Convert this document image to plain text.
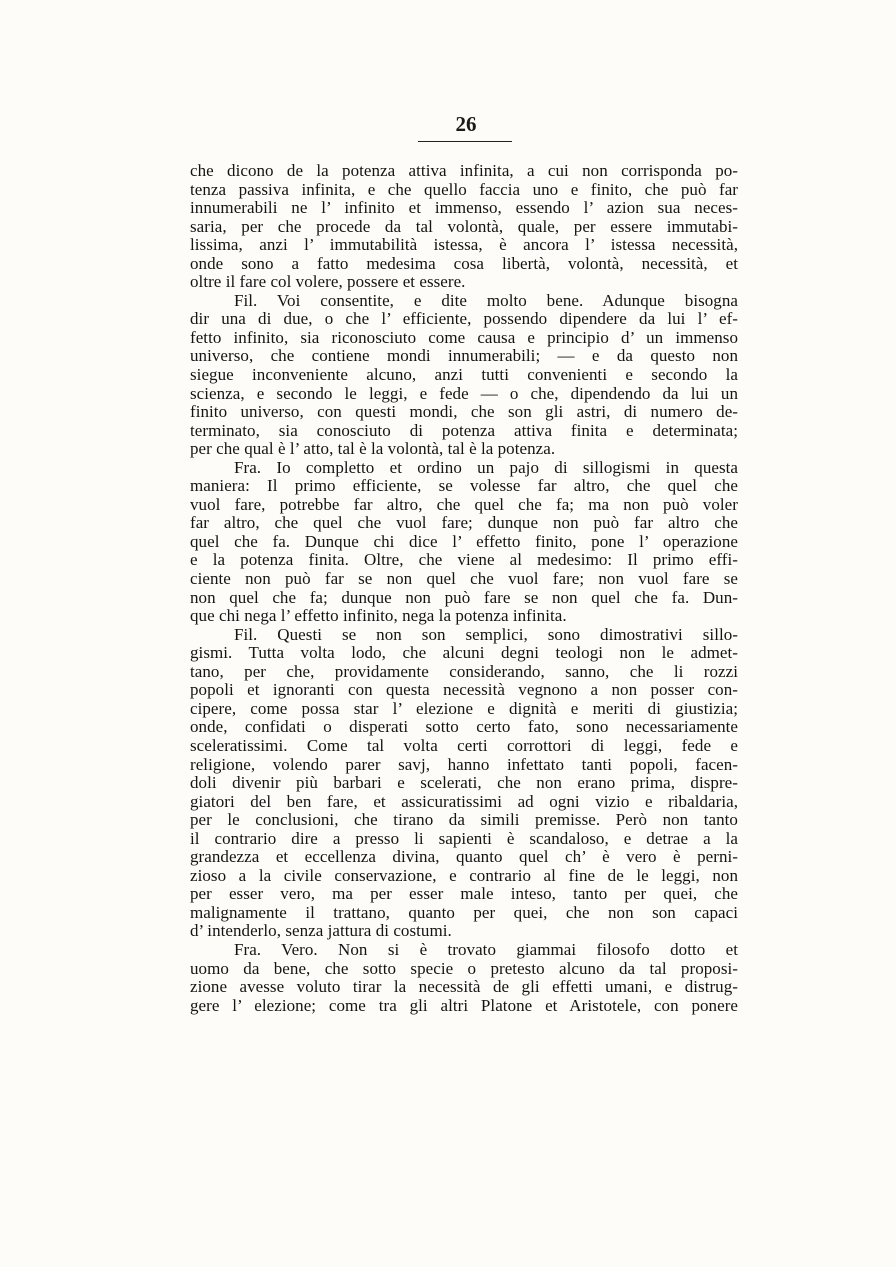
26
che dicono de la potenza attiva infinita, a cui non corrisponda po-
tenza passiva infinita, e che quello faccia uno e finito, che può far
innumerabili ne l’ infinito et immenso, essendo l’ azion sua neces-
saria, per che procede da tal volontà, quale, per essere immutabi-
lissima, anzi l’ immutabilità istessa, è ancora l’ istessa necessità,
onde sono a fatto medesima cosa libertà, volontà, necessità, et
oltre il fare col volere, possere et essere.
Fil. Voi consentite, e dite molto bene. Adunque bisogna
dir una di due, o che l’ efficiente, possendo dipendere da lui l’ ef-
fetto infinito, sia riconosciuto come causa e principio d’ un immenso
universo, che contiene mondi innumerabili; — e da questo non
siegue inconveniente alcuno, anzi tutti convenienti e secondo la
scienza, e secondo le leggi, e fede — o che, dipendendo da lui un
finito universo, con questi mondi, che son gli astri, di numero de-
terminato, sia conosciuto di potenza attiva finita e determinata;
per che qual è l’ atto, tal è la volontà, tal è la potenza.
Fra. Io completto et ordino un pajo di sillogismi in questa
maniera: Il primo efficiente, se volesse far altro, che quel che
vuol fare, potrebbe far altro, che quel che fa; ma non può voler
far altro, che quel che vuol fare; dunque non può far altro che
quel che fa. Dunque chi dice l’ effetto finito, pone l’ operazione
e la potenza finita. Oltre, che viene al medesimo: Il primo effi-
ciente non può far se non quel che vuol fare; non vuol fare se
non quel che fa; dunque non può fare se non quel che fa. Dun-
que chi nega l’ effetto infinito, nega la potenza infinita.
Fil. Questi se non son semplici, sono dimostrativi sillo-
gismi. Tutta volta lodo, che alcuni degni teologi non le admet-
tano, per che, providamente considerando, sanno, che li rozzi
popoli et ignoranti con questa necessità vegnono a non posser con-
cipere, come possa star l’ elezione e dignità e meriti di giustizia;
onde, confidati o disperati sotto certo fato, sono necessariamente
sceleratissimi. Come tal volta certi corrottori di leggi, fede e
religione, volendo parer savj, hanno infettato tanti popoli, facen-
doli divenir più barbari e scelerati, che non erano prima, dispre-
giatori del ben fare, et assicuratissimi ad ogni vizio e ribaldaria,
per le conclusioni, che tirano da simili premisse. Però non tanto
il contrario dire a presso li sapienti è scandaloso, e detrae a la
grandezza et eccellenza divina, quanto quel ch’ è vero è perni-
zioso a la civile conservazione, e contrario al fine de le leggi, non
per esser vero, ma per esser male inteso, tanto per quei, che
malignamente il trattano, quanto per quei, che non son capaci
d’ intenderlo, senza jattura di costumi.
Fra. Vero. Non si è trovato giammai filosofo dotto et
uomo da bene, che sotto specie o pretesto alcuno da tal proposi-
zione avesse voluto tirar la necessità de gli effetti umani, e distrug-
gere l’ elezione; come tra gli altri Platone et Aristotele, con ponere
